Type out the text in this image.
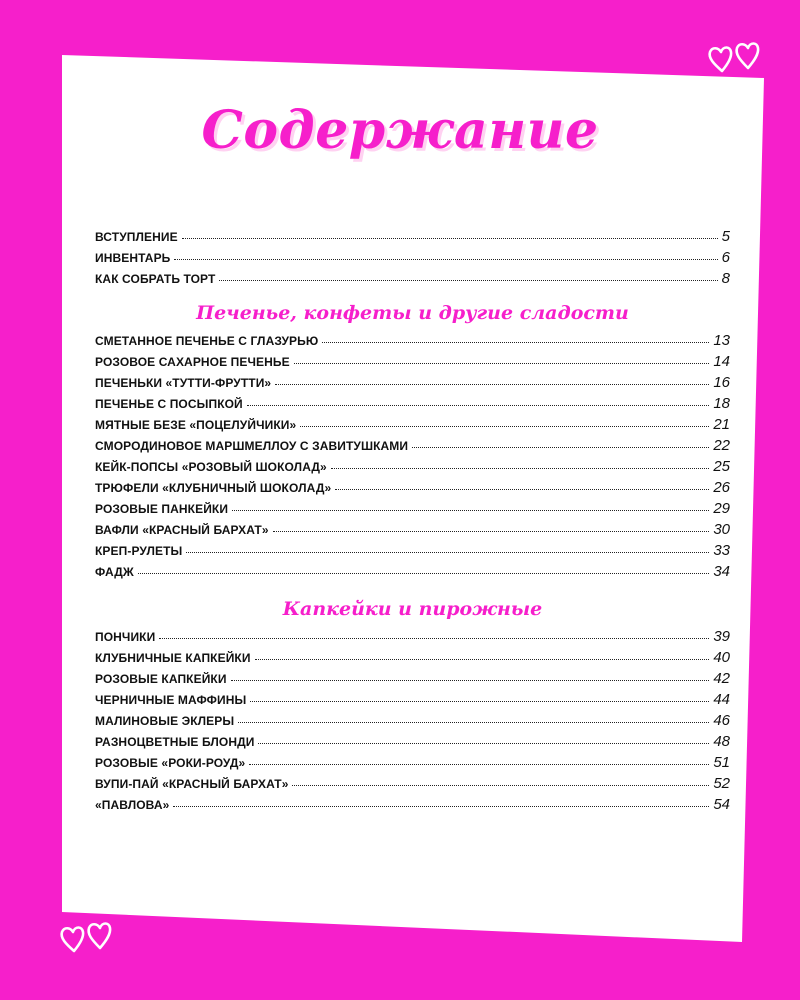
Содержание
ВСТУПЛЕНИЕ	5
ИНВЕНТАРЬ	6
КАК СОБРАТЬ ТОРТ	8
Печенье, конфеты и другие сладости
СМЕТАННОЕ ПЕЧЕНЬЕ С ГЛАЗУРЬЮ	13
РОЗОВОЕ САХАРНОЕ ПЕЧЕНЬЕ	14
ПЕЧЕНЬКИ «ТУТТИ-ФРУТТИ»	16
ПЕЧЕНЬЕ С ПОСЫПКОЙ	18
МЯТНЫЕ БЕЗЕ «ПОЦЕЛУЙЧИКИ»	21
СМОРОДИНОВОЕ МАРШМЕЛЛОУ С ЗАВИТУШКАМИ	22
КЕЙК-ПОПСЫ «РОЗОВЫЙ ШОКОЛАД»	25
ТРЮФЕЛИ «КЛУБНИЧНЫЙ ШОКОЛАД»	26
РОЗОВЫЕ ПАНКЕЙКИ	29
ВАФЛИ «КРАСНЫЙ БАРХАТ»	30
КРЕП-РУЛЕТЫ	33
ФАДЖ	34
Капкейки и пирожные
ПОНЧИКИ	39
КЛУБНИЧНЫЕ КАПКЕЙКИ	40
РОЗОВЫЕ КАПКЕЙКИ	42
ЧЕРНИЧНЫЕ МАФФИНЫ	44
МАЛИНОВЫЕ ЭКЛЕРЫ	46
РАЗНОЦВЕТНЫЕ БЛОНДИ	48
РОЗОВЫЕ «РОКИ-РОУД»	51
ВУПИ-ПАЙ «КРАСНЫЙ БАРХАТ»	52
«ПАВЛОВА»	54
